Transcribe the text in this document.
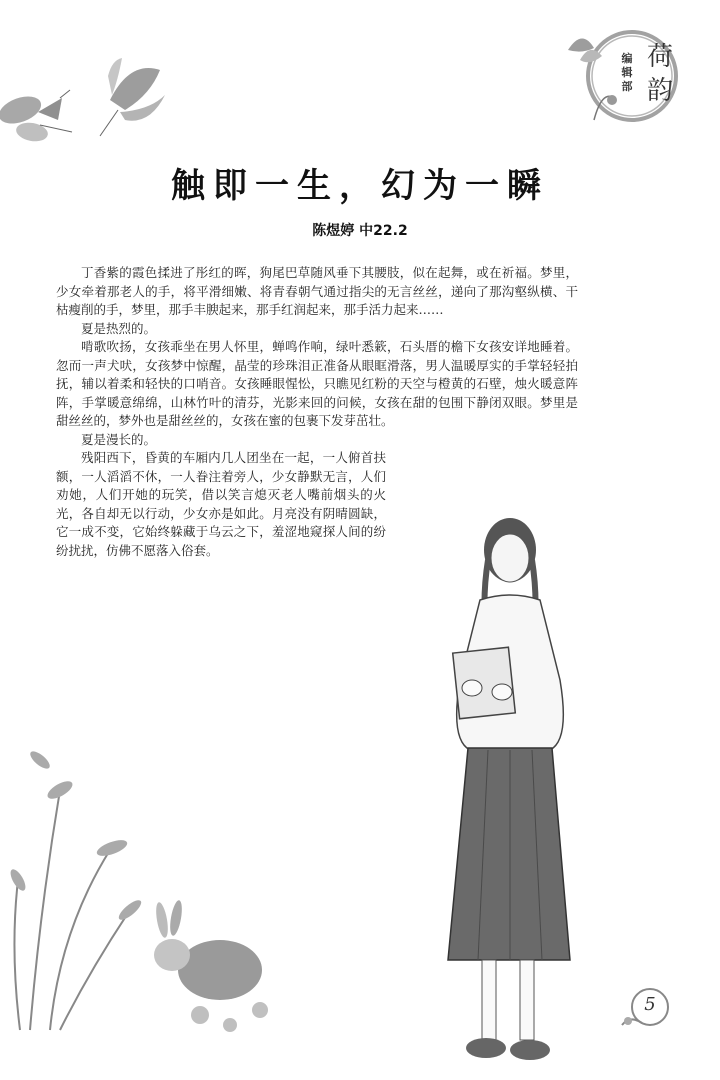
荷韵
编辑部
触即一生，幻为一瞬
陈煜婷 中22.2

丁香紫的霞色揉进了彤红的晖，狗尾巴草随风垂下其腰肢，似在起舞，或在祈福。梦里，少女牵着那老人的手，将平滑细嫩、将青春朝气通过指尖的无言丝丝，递向了那沟壑纵横、干枯瘦削的手，梦里，那手丰腴起来，那手红润起来，那手活力起来……

夏是热烈的。

啃歌吹扬，女孩乖坐在男人怀里，蝉鸣作响，绿叶悉簌，石头厝的檐下女孩安详地睡着。忽而一声犬吠，女孩梦中惊醒，晶莹的珍珠泪正准备从眼眶滑落，男人温暖厚实的手掌轻轻拍抚，辅以着柔和轻快的口哨音。女孩睡眼惺忪，只瞧见红粉的天空与橙黄的石壁，烛火暖意阵阵，手掌暖意绵绵，山林竹叶的清芬，光影来回的问候，女孩在甜的包围下静闭双眼。梦里是甜丝丝的，梦外也是甜丝丝的，女孩在蜜的包裹下发芽茁壮。

夏是漫长的。

残阳西下，昏黄的车厢内几人团坐在一起，一人俯首扶额，一人滔滔不休，一人眷注着旁人，少女静默无言，人们劝她，人们开她的玩笑，借以笑言熄灭老人嘴前烟头的火光，各自却无以行动，少女亦是如此。月亮没有阴晴圆缺，它一成不变，它始终躲藏于乌云之下，羞涩地窥探人间的纷纷扰扰，仿佛不愿落入俗套。

5
